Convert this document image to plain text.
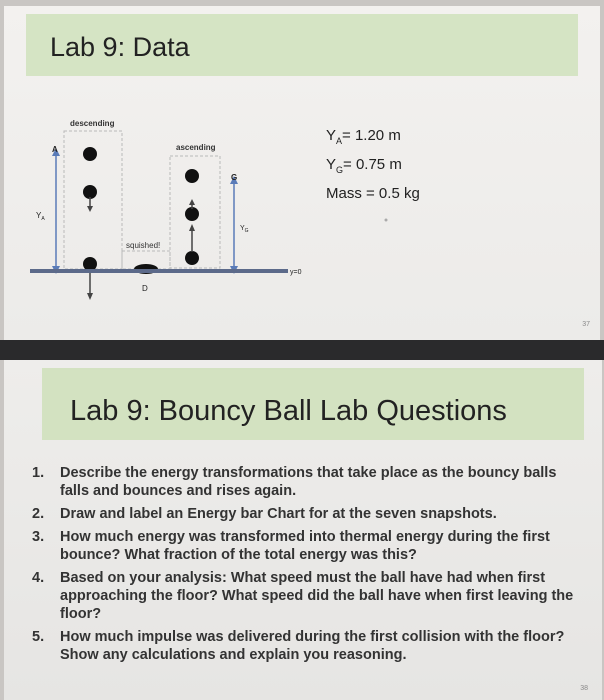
Lab 9: Data
descending
ascending
squished!
A
$Y_A$
D
G
$Y_G$
y=0
$Y_A= 1.20$ m
$Y_G= 0.75$ m
Mass = 0.5 kg
37
Lab 9: Bouncy Ball Lab Questions
1. Describe the energy transformations that take place as the bouncy balls falls and bounces and rises again.
2. Draw and label an Energy bar Chart for at the seven snapshots.
3. How much energy was transformed into thermal energy during the first bounce? What fraction of the total energy was this?
4. Based on your analysis: What speed must the ball have had when first approaching the floor? What speed did the ball have when first leaving the floor?
5. How much impulse was delivered during the first collision with the floor? Show any calculations and explain you reasoning.
38
